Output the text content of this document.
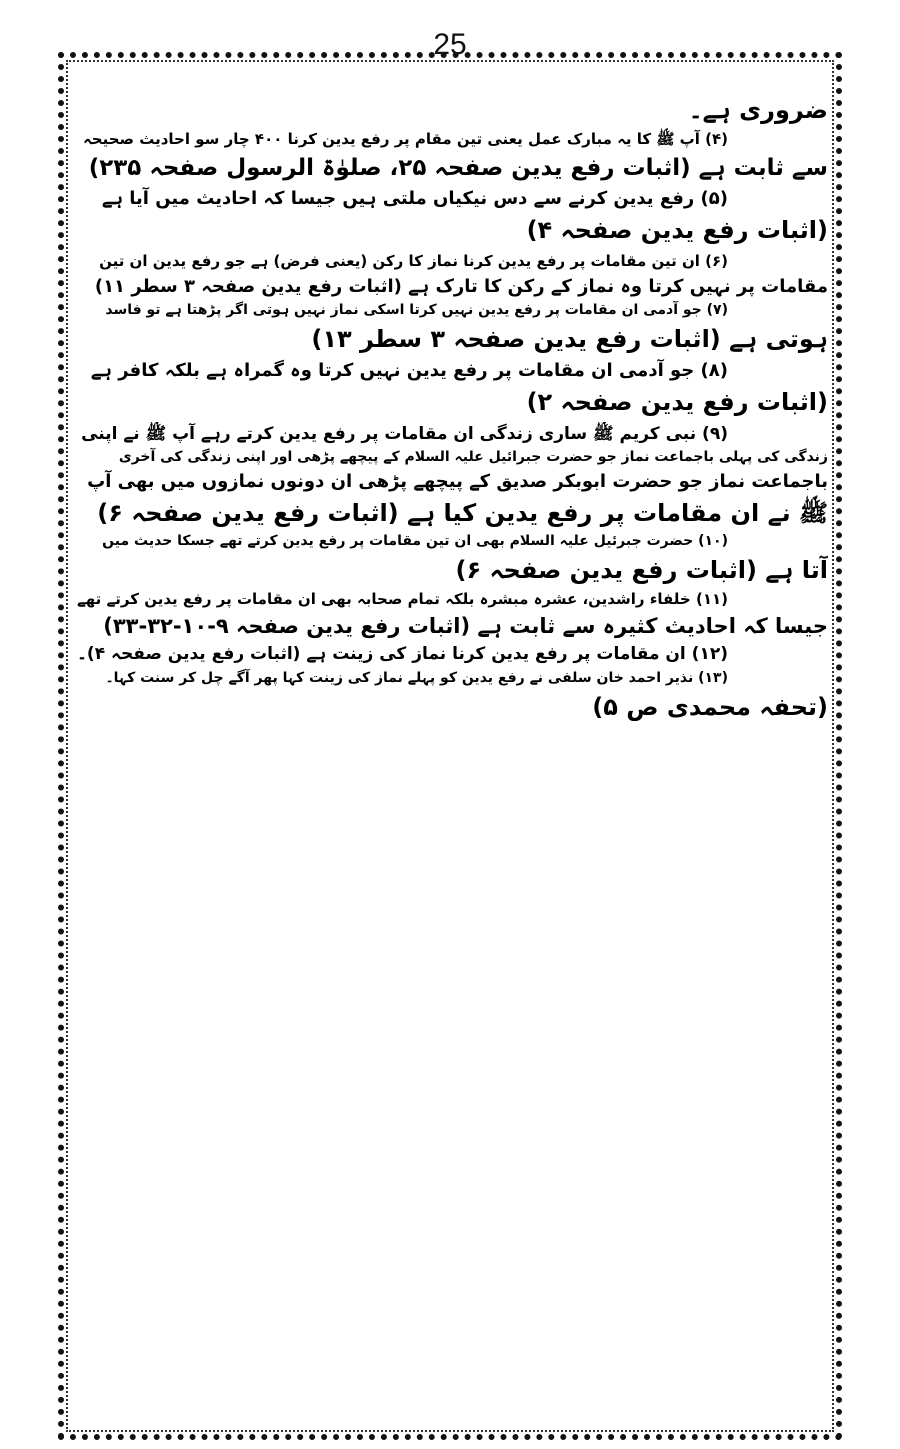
25
ضروری ہے۔
(۴) آپ ﷺ کا یہ مبارک عمل یعنی تین مقام پر رفع یدین کرنا ۴۰۰ چار سو احادیث صحیحہ
سے ثابت ہے (اثبات رفع یدین صفحہ ۲۵، صلوٰۃ الرسول صفحہ ۲۳۵)
(۵) رفع یدین کرنے سے دس نیکیاں ملتی ہیں جیسا کہ احادیث میں آیا ہے
(اثبات رفع یدین صفحہ ۴)
(۶) ان تین مقامات پر رفع یدین کرنا نماز کا رکن (یعنی فرض) ہے جو رفع یدین ان تین
مقامات پر نہیں کرتا وہ نماز کے رکن کا تارک ہے (اثبات رفع یدین صفحہ ۳ سطر ۱۱)
(۷) جو آدمی ان مقامات پر رفع یدین نہیں کرتا اسکی نماز نہیں ہوتی اگر پڑھتا ہے تو فاسد
ہوتی ہے (اثبات رفع یدین صفحہ ۳ سطر ۱۳)
(۸) جو آدمی ان مقامات پر رفع یدین نہیں کرتا وہ گمراہ ہے بلکہ کافر ہے
(اثبات رفع یدین صفحہ ۲)
(۹) نبی کریم ﷺ ساری زندگی ان مقامات پر رفع یدین کرتے رہے آپ ﷺ نے اپنی
زندگی کی پہلی باجماعت نماز جو حضرت جبرائیل علیہ السلام کے پیچھے پڑھی اور اپنی زندگی کی آخری
باجماعت نماز جو حضرت ابوبکر صدیق کے پیچھے پڑھی ان دونوں نمازوں میں بھی آپ
ﷺ نے ان مقامات پر رفع یدین کیا ہے (اثبات رفع یدین صفحہ ۶)
(۱۰) حضرت جبرئیل علیہ السلام بھی ان تین مقامات پر رفع یدین کرتے تھے جسکا حدیث میں
آتا ہے (اثبات رفع یدین صفحہ ۶)
(۱۱) خلفاء راشدین، عشرہ مبشرہ بلکہ تمام صحابہ بھی ان مقامات پر رفع یدین کرتے تھے
جیسا کہ احادیث کثیرہ سے ثابت ہے (اثبات رفع یدین صفحہ ۹-۱۰-۳۲-۳۳)
(۱۲) ان مقامات پر رفع یدین کرنا نماز کی زینت ہے (اثبات رفع یدین صفحہ ۴)۔
(۱۳) نذیر احمد خان سلفی نے رفع یدین کو پہلے نماز کی زینت کہا پھر آگے چل کر سنت کہا۔
(تحفہ محمدی ص ۵)
